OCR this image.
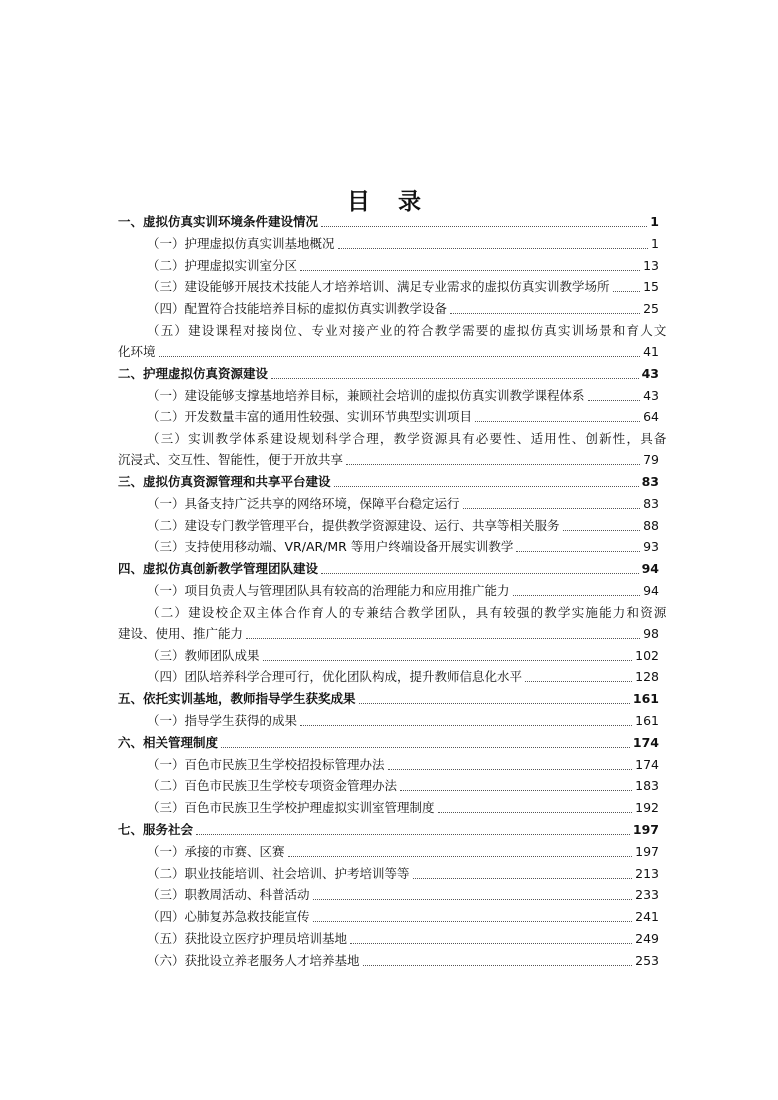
目 录
一、虚拟仿真实训环境条件建设情况	1
（一）护理虚拟仿真实训基地概况	1
（二）护理虚拟实训室分区	13
（三）建设能够开展技术技能人才培养培训、满足专业需求的虚拟仿真实训教学场所	15
（四）配置符合技能培养目标的虚拟仿真实训教学设备	25
（五）建设课程对接岗位、专业对接产业的符合教学需要的虚拟仿真实训场景和育人文
化环境	41
二、护理虚拟仿真资源建设	43
（一）建设能够支撑基地培养目标，兼顾社会培训的虚拟仿真实训教学课程体系	43
（二）开发数量丰富的通用性较强、实训环节典型实训项目	64
（三）实训教学体系建设规划科学合理，教学资源具有必要性、适用性、创新性，具备
沉浸式、交互性、智能性，便于开放共享	79
三、虚拟仿真资源管理和共享平台建设	83
（一）具备支持广泛共享的网络环境，保障平台稳定运行	83
（二）建设专门教学管理平台，提供教学资源建设、运行、共享等相关服务	88
（三）支持使用移动端、VR/AR/MR 等用户终端设备开展实训教学	93
四、虚拟仿真创新教学管理团队建设	94
（一）项目负责人与管理团队具有较高的治理能力和应用推广能力	94
（二）建设校企双主体合作育人的专兼结合教学团队，具有较强的教学实施能力和资源
建设、使用、推广能力	98
（三）教师团队成果	102
（四）团队培养科学合理可行，优化团队构成，提升教师信息化水平	128
五、依托实训基地，教师指导学生获奖成果	161
（一）指导学生获得的成果	161
六、相关管理制度	174
（一）百色市民族卫生学校招投标管理办法	174
（二）百色市民族卫生学校专项资金管理办法	183
（三）百色市民族卫生学校护理虚拟实训室管理制度	192
七、服务社会	197
（一）承接的市赛、区赛	197
（二）职业技能培训、社会培训、护考培训等等	213
（三）职教周活动、科普活动	233
（四）心肺复苏急救技能宣传	241
（五）获批设立医疗护理员培训基地	249
（六）获批设立养老服务人才培养基地	253
